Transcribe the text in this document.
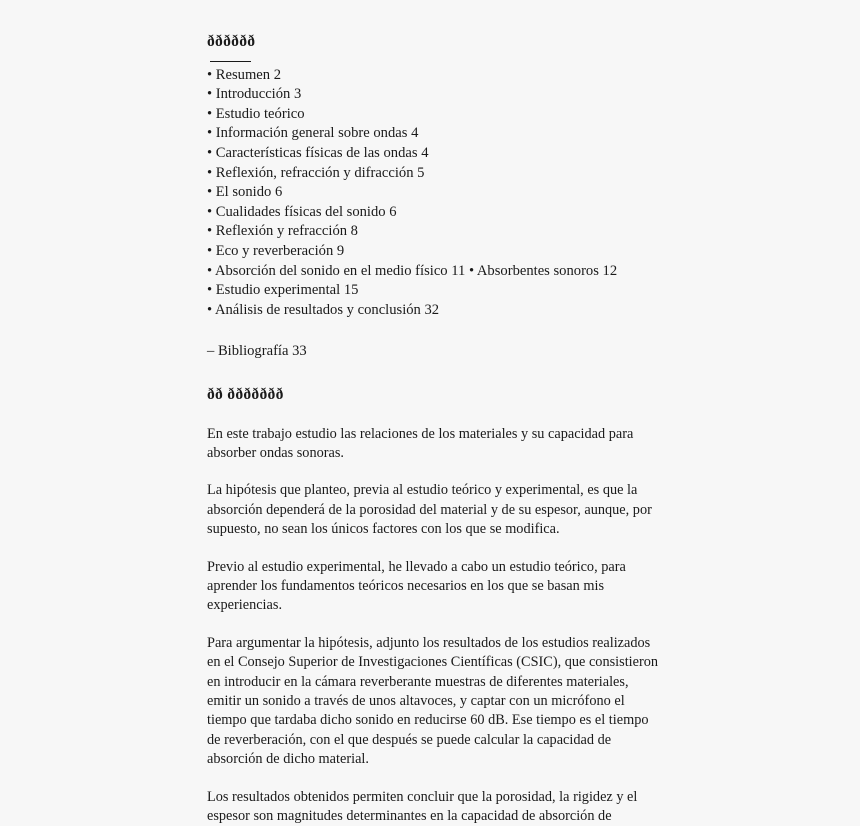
ðððððð
• Resumen 2
• Introducción 3
• Estudio teórico
• Información general sobre ondas 4
• Características físicas de las ondas 4
• Reflexión, refracción y difracción 5
• El sonido 6
• Cualidades físicas del sonido 6
• Reflexión y refracción 8
• Eco y reverberación 9
• Absorción del sonido en el medio físico 11 • Absorbentes sonoros 12
• Estudio experimental 15
• Análisis de resultados y conclusión 32

– Bibliografía 33

ðð ððððððð

En este trabajo estudio las relaciones de los materiales y su capacidad para absorber ondas sonoras.

La hipótesis que planteo, previa al estudio teórico y experimental, es que la absorción dependerá de la porosidad del material y de su espesor, aunque, por supuesto, no sean los únicos factores con los que se modifica.

Previo al estudio experimental, he llevado a cabo un estudio teórico, para aprender los fundamentos teóricos necesarios en los que se basan mis experiencias.

Para argumentar la hipótesis, adjunto los resultados de los estudios realizados en el Consejo Superior de Investigaciones Científicas (CSIC), que consistieron en introducir en la cámara reverberante muestras de diferentes materiales, emitir un sonido a través de unos altavoces, y captar con un micrófono el tiempo que tardaba dicho sonido en reducirse 60 dB. Ese tiempo es el tiempo de reverberación, con el que después se puede calcular la capacidad de absorción de dicho material.

Los resultados obtenidos permiten concluir que la porosidad, la rigidez y el espesor son magnitudes determinantes en la capacidad de absorción de
